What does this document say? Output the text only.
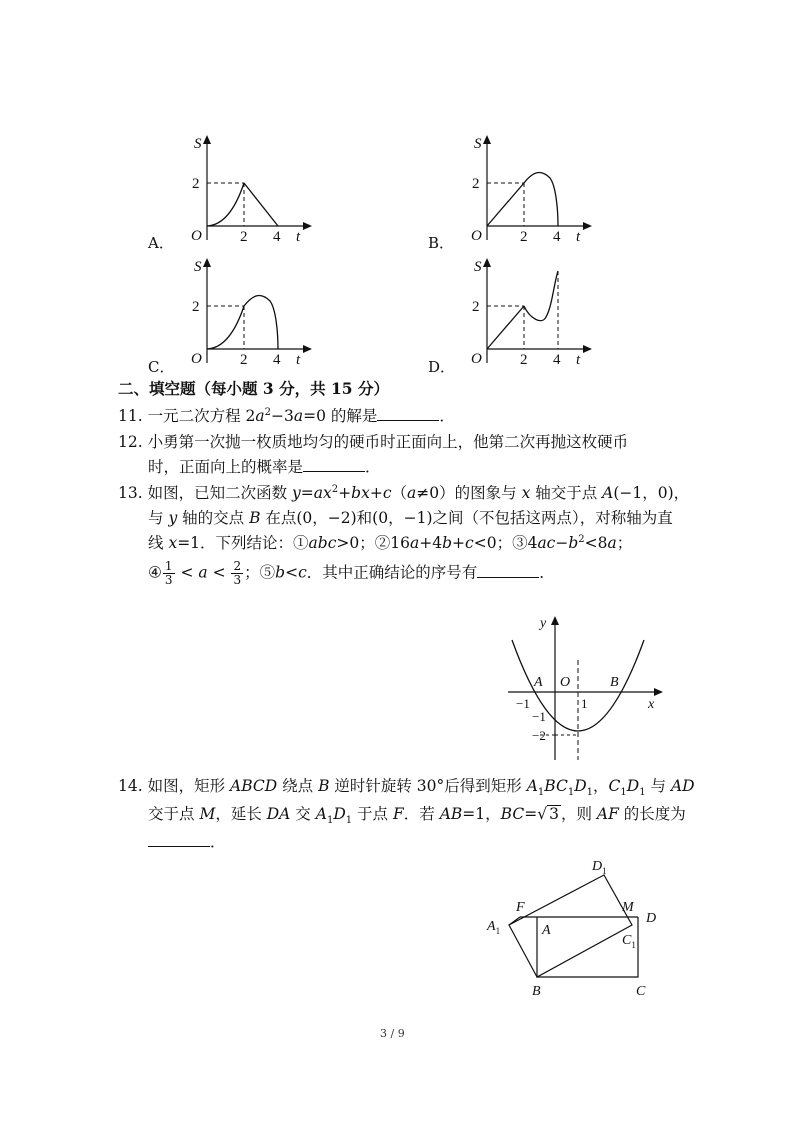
S
2
O	2 4 t
A．
S
2
O	2 4 t
B．
S
2
O	2 4 t
C．
S
2
O	2 4 t
D．
二、填空题（每小题 3 分，共 15 分）
11. 一元二次方程 $2a^2-3a=0$ 的解是	．
12. 小勇第一次抛一枚质地均匀的硬币时正面向上，他第二次再抛这枚硬币
时，正面向上的概率是	．
13. 如图，已知二次函数 $y=ax^2+bx+c(a\ne 0)$的图象与 x 轴交于点 A(−1，0)，
与 y 轴的交点 B 在点(0，−2)和(0，−1)之间（不包括这两点），对称轴为直
线 x=1．下列结论：①abc>0；②16a+4b+c<0；$③4ac-b^2<8a$；
④ $\frac{1}{3} < a < \frac{2}{3}$ ；⑤b<c．其中正确结论的序号有	．
y
x
A O	B
−1	1
−1
−2
14. 如图，矩形 ABCD 绕点 B 逆时针旋转 30°后得到矩形 $A_1BC_1D_1$，$C_1D_1$ 与 AD
交于点 M，延长 DA 交 $A_1D_1$ 于点 F．若 AB=1，BC=√ 3 ，则 AF 的长度为
．
$D_1$
F	M
D
$A_1$	A
$C_1$
B	C
3 / 9
